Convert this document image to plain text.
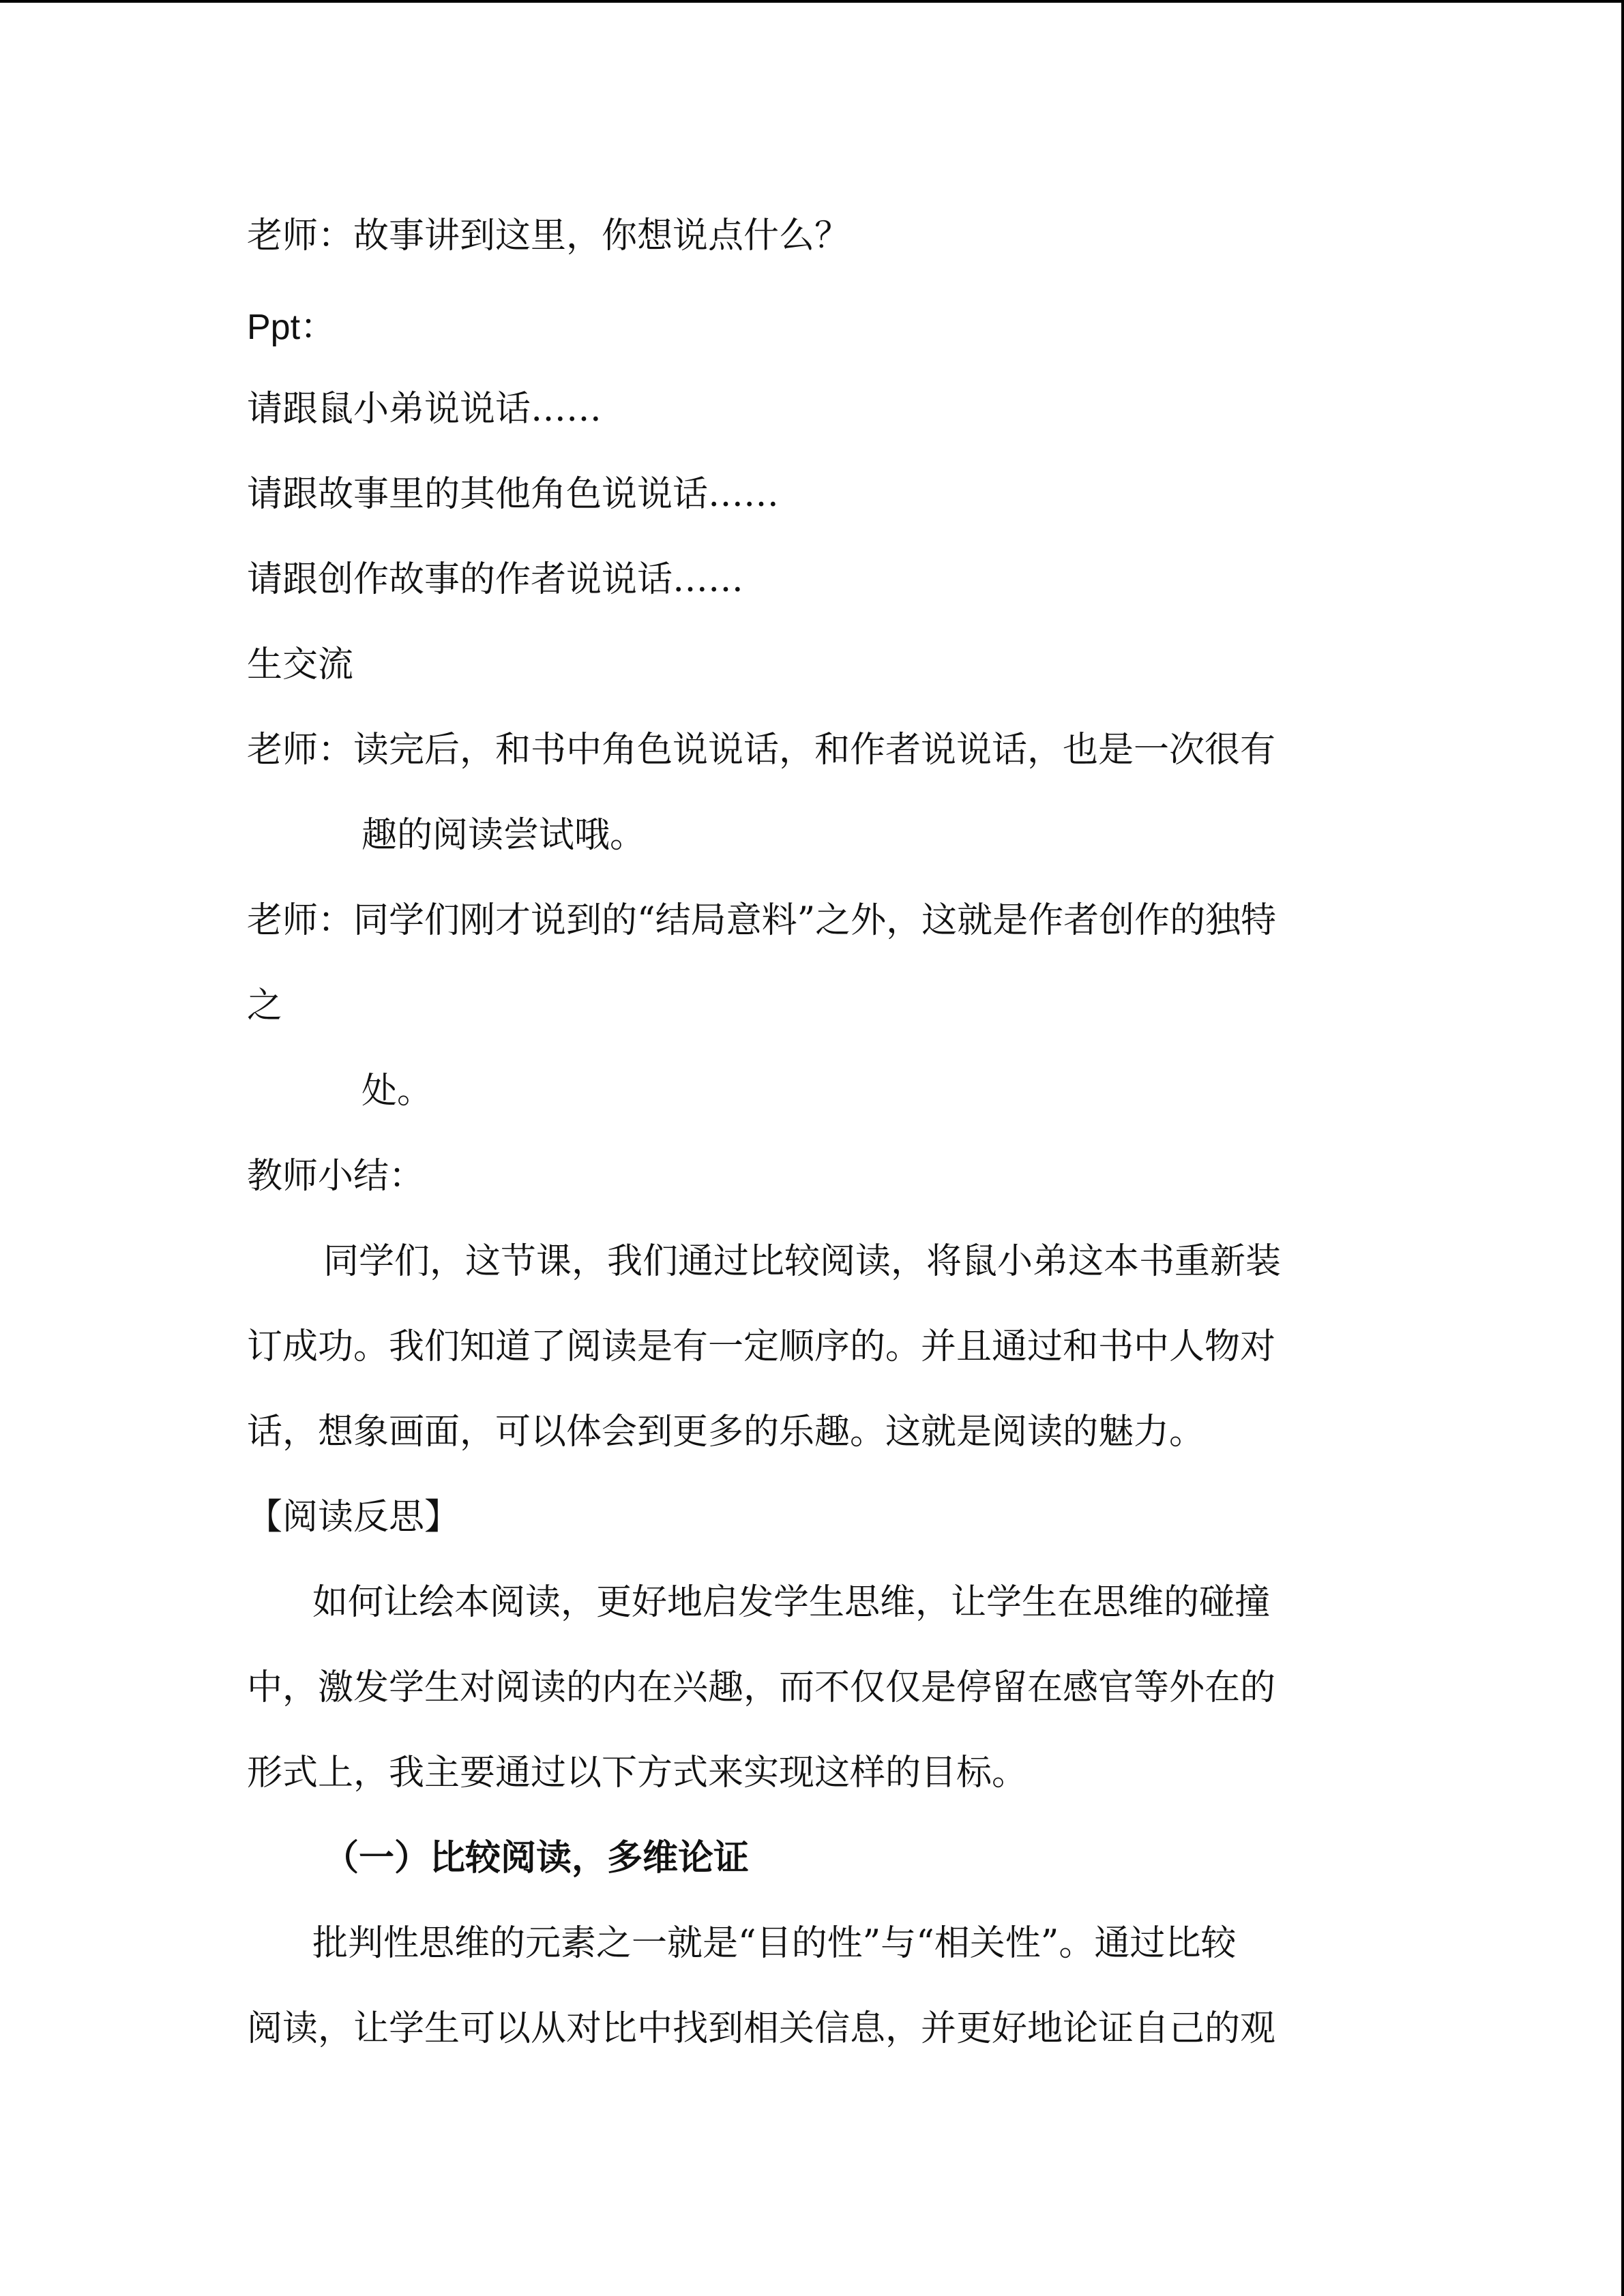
老师：故事讲到这里，你想说点什么？
Ppt：
请跟鼠小弟说说话……
请跟故事里的其他角色说说话……
请跟创作故事的作者说说话……
生交流
老师：读完后，和书中角色说说话，和作者说说话，也是一次很有
趣的阅读尝试哦。
老师：同学们刚才说到的“结局意料”之外，这就是作者创作的独特
之
处。
教师小结：
同学们，这节课，我们通过比较阅读，将鼠小弟这本书重新装
订成功。我们知道了阅读是有一定顺序的。并且通过和书中人物对
话，想象画面，可以体会到更多的乐趣。这就是阅读的魅力。
【阅读反思】
如何让绘本阅读，更好地启发学生思维，让学生在思维的碰撞
中，激发学生对阅读的内在兴趣，而不仅仅是停留在感官等外在的
形式上，我主要通过以下方式来实现这样的目标。
（一）比较阅读，多维论证
批判性思维的元素之一就是“目的性”与“相关性”。通过比较
阅读，让学生可以从对比中找到相关信息，并更好地论证自己的观
